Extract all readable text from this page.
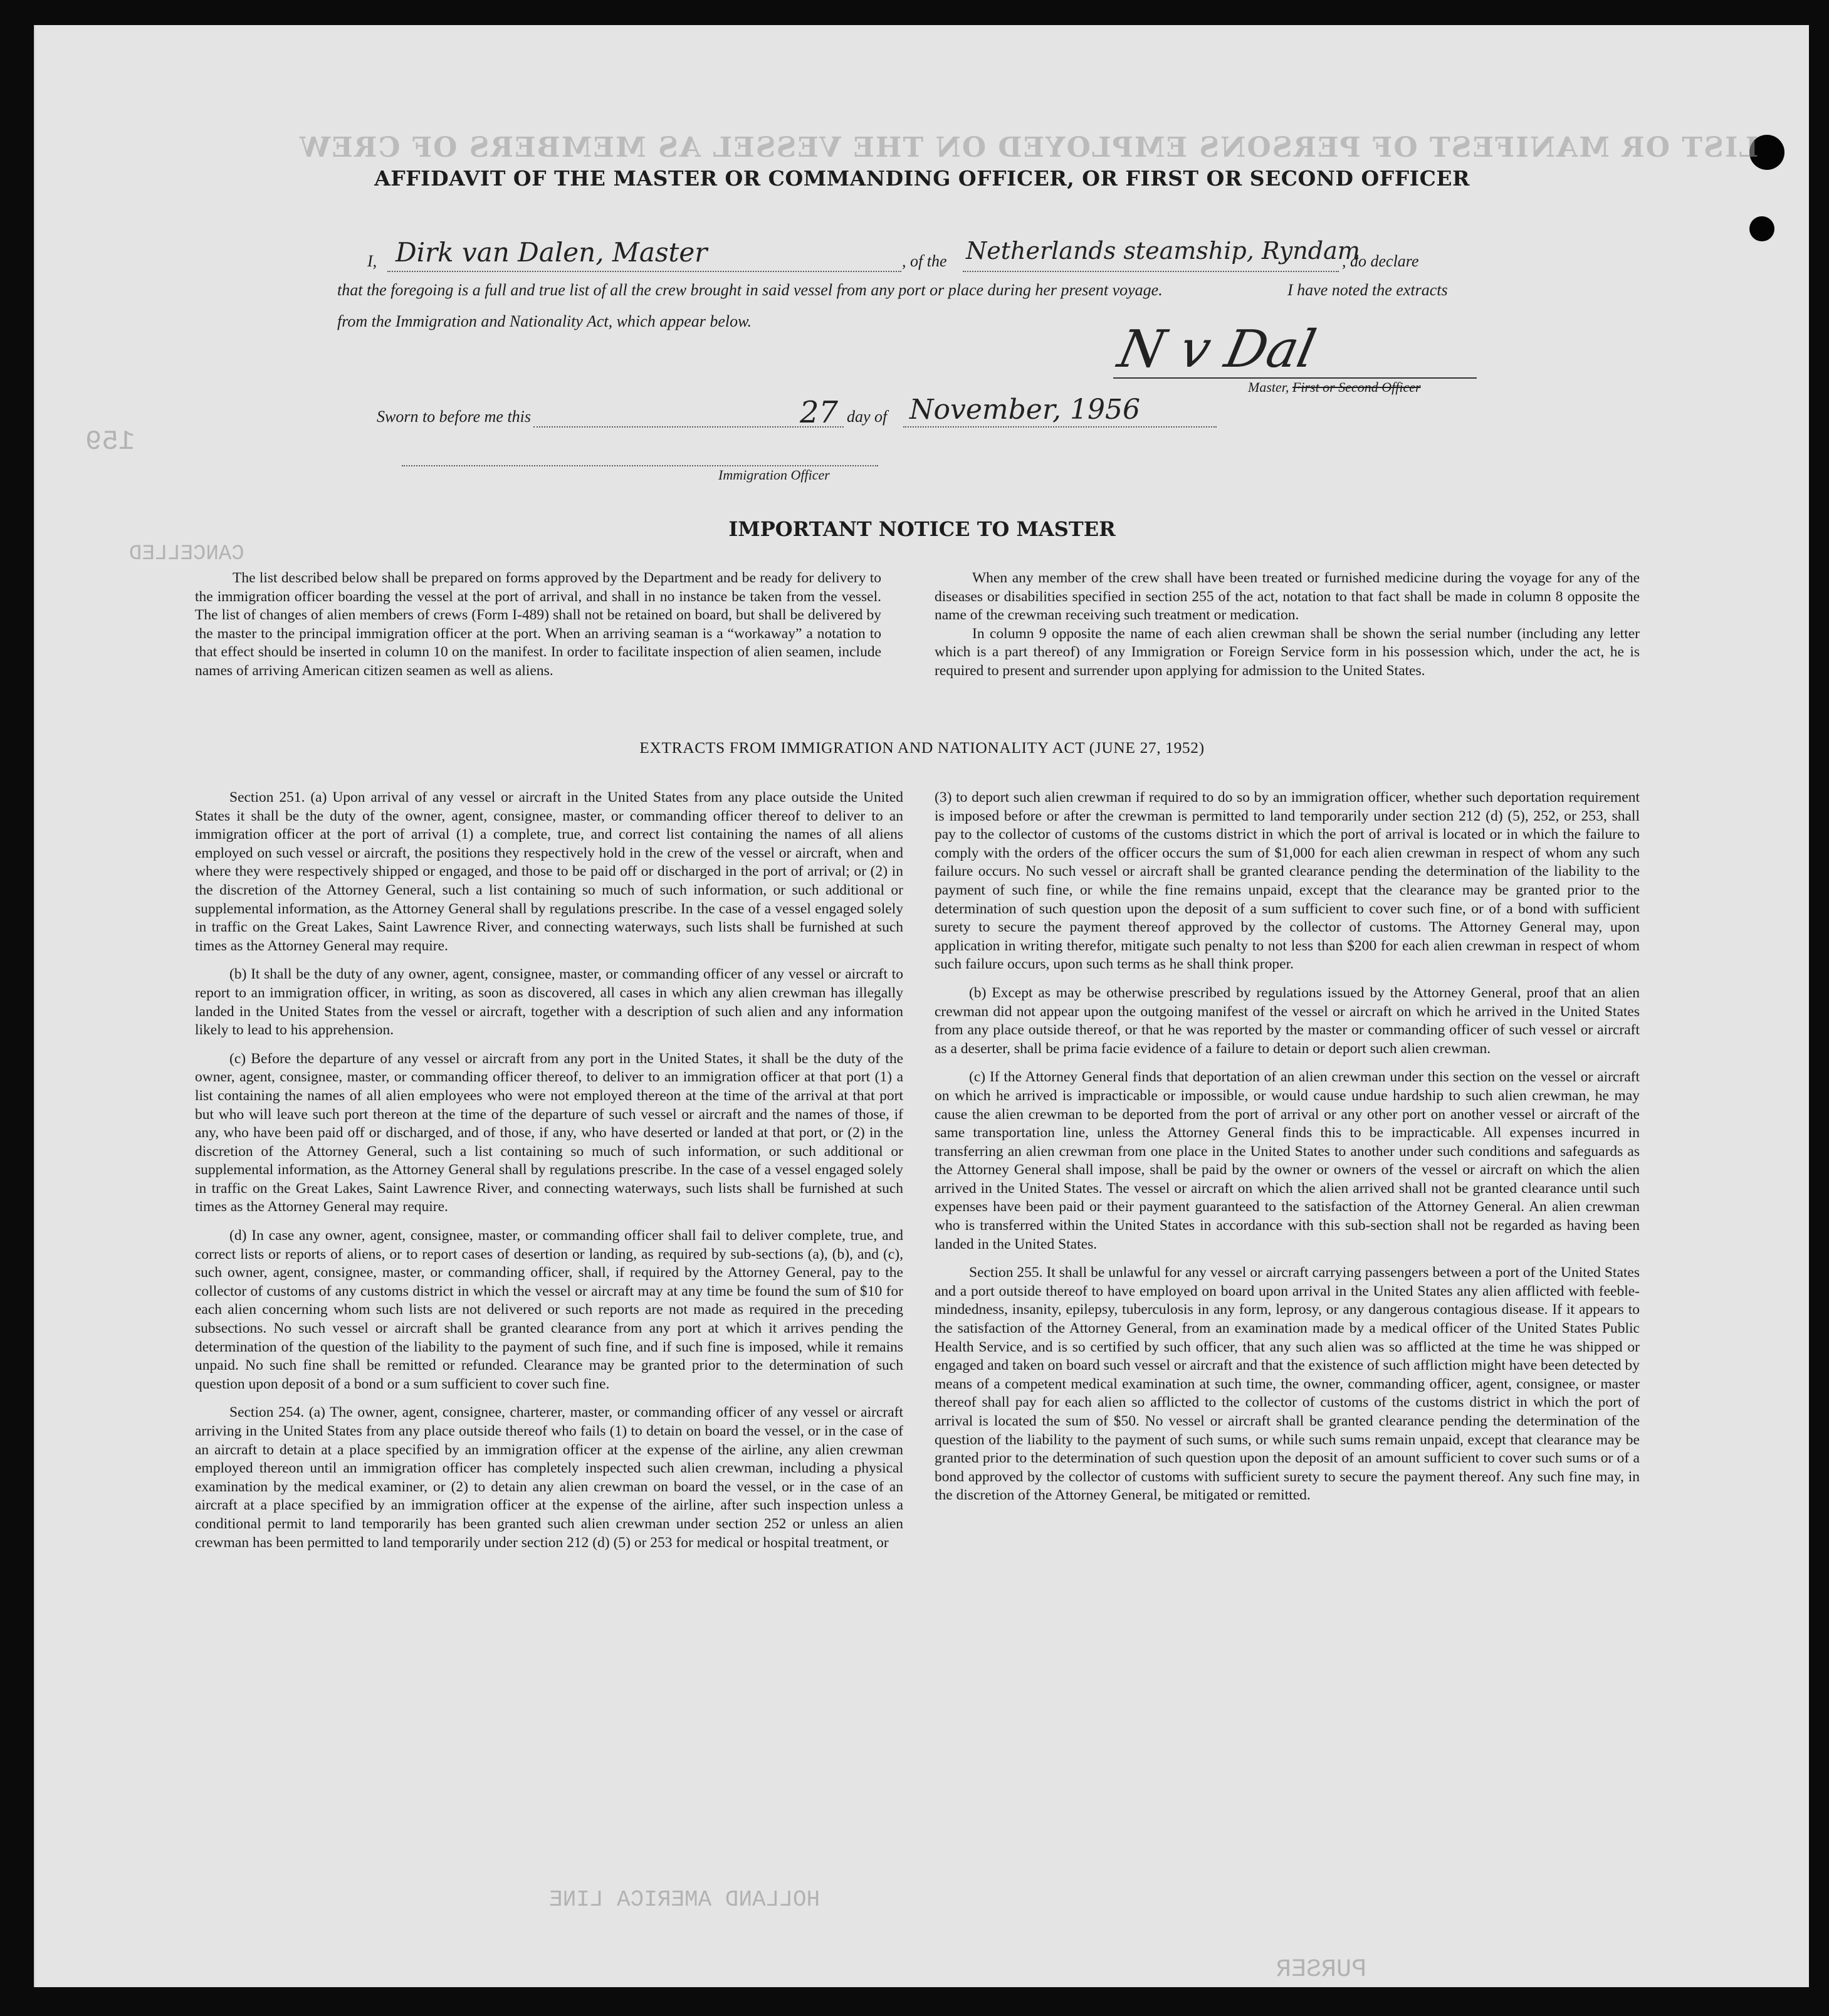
LIST OR MANIFEST OF PERSONS EMPLOYED ON THE VESSEL AS MEMBERS OF CREW
159
CANCELLED
HOLLAND AMERICA LINE
PURSER
AFFIDAVIT OF THE MASTER OR COMMANDING OFFICER, OR FIRST OR SECOND OFFICER
I, Dirk van Dalen, Master	, of the Netherlands steamship, Ryndam
, do declare
that the foregoing is a full and true list of all the crew brought in said vessel from any port or place during her present voyage.	I have noted the extracts
from the Immigration and Nationality Act, which appear below.	N v Dal
Master, First or Second Officer
Sworn to before me this	27 day of November, 1956
Immigration Officer
IMPORTANT NOTICE TO MASTER

The list described below shall be prepared on forms approved by the Department and be ready for delivery to the immigration officer boarding the vessel at the port of arrival, and shall in no instance be taken from the vessel. The list of changes of alien members of crews (Form I-489) shall not be retained on board, but shall be delivered by the master to the principal immigration officer at the port. When an arriving seaman is a “workaway” a notation to that effect should be inserted in column 10 on the manifest. In order to facilitate inspection of alien seamen, include names of arriving American citizen seamen as well as aliens.

When any member of the crew shall have been treated or furnished medicine during the voyage for any of the diseases or disabilities specified in section 255 of the act, notation to that fact shall be made in column 8 opposite the name of the crewman receiving such treatment or medication.

In column 9 opposite the name of each alien crewman shall be shown the serial number (including any letter which is a part thereof) of any Immigration or Foreign Service form in his possession which, under the act, he is required to present and surrender upon applying for admission to the United States.

EXTRACTS FROM IMMIGRATION AND NATIONALITY ACT (JUNE 27, 1952)

Section 251. (a) Upon arrival of any vessel or aircraft in the United States from any place outside the United States it shall be the duty of the owner, agent, consignee, master, or commanding officer thereof to deliver to an immigration officer at the port of arrival (1) a complete, true, and correct list containing the names of all aliens employed on such vessel or aircraft, the positions they respectively hold in the crew of the vessel or aircraft, when and where they were respectively shipped or engaged, and those to be paid off or discharged in the port of arrival; or (2) in the discretion of the Attorney General, such a list containing so much of such information, or such additional or supplemental information, as the Attorney General shall by regulations prescribe. In the case of a vessel engaged solely in traffic on the Great Lakes, Saint Lawrence River, and connecting waterways, such lists shall be furnished at such times as the Attorney General may require.

(b) It shall be the duty of any owner, agent, consignee, master, or commanding officer of any vessel or aircraft to report to an immigration officer, in writing, as soon as discovered, all cases in which any alien crewman has illegally landed in the United States from the vessel or aircraft, together with a description of such alien and any information likely to lead to his apprehension.

(c) Before the departure of any vessel or aircraft from any port in the United States, it shall be the duty of the owner, agent, consignee, master, or commanding officer thereof, to deliver to an immigration officer at that port (1) a list containing the names of all alien employees who were not employed thereon at the time of the arrival at that port but who will leave such port thereon at the time of the departure of such vessel or aircraft and the names of those, if any, who have been paid off or discharged, and of those, if any, who have deserted or landed at that port, or (2) in the discretion of the Attorney General, such a list containing so much of such information, or such additional or supplemental information, as the Attorney General shall by regulations prescribe. In the case of a vessel engaged solely in traffic on the Great Lakes, Saint Lawrence River, and connecting waterways, such lists shall be furnished at such times as the Attorney General may require.

(d) In case any owner, agent, consignee, master, or commanding officer shall fail to deliver complete, true, and correct lists or reports of aliens, or to report cases of desertion or landing, as required by sub-sections (a), (b), and (c), such owner, agent, consignee, master, or commanding officer, shall, if required by the Attorney General, pay to the collector of customs of any customs district in which the vessel or aircraft may at any time be found the sum of $10 for each alien concerning whom such lists are not delivered or such reports are not made as required in the preceding subsections. No such vessel or aircraft shall be granted clearance from any port at which it arrives pending the determination of the question of the liability to the payment of such fine, and if such fine is imposed, while it remains unpaid. No such fine shall be remitted or refunded. Clearance may be granted prior to the determination of such question upon deposit of a bond or a sum sufficient to cover such fine.

Section 254. (a) The owner, agent, consignee, charterer, master, or commanding officer of any vessel or aircraft arriving in the United States from any place outside thereof who fails (1) to detain on board the vessel, or in the case of an aircraft to detain at a place specified by an immigration officer at the expense of the airline, any alien crewman employed thereon until an immigration officer has completely inspected such alien crewman, including a physical examination by the medical examiner, or (2) to detain any alien crewman on board the vessel, or in the case of an aircraft at a place specified by an immigration officer at the expense of the airline, after such inspection unless a conditional permit to land temporarily has been granted such alien crewman under section 252 or unless an alien crewman has been permitted to land temporarily under section 212 (d) (5) or 253 for medical or hospital treatment, or

(3) to deport such alien crewman if required to do so by an immigration officer, whether such deportation requirement is imposed before or after the crewman is permitted to land temporarily under section 212 (d) (5), 252, or 253, shall pay to the collector of customs of the customs district in which the port of arrival is located or in which the failure to comply with the orders of the officer occurs the sum of $1,000 for each alien crewman in respect of whom any such failure occurs. No such vessel or aircraft shall be granted clearance pending the determination of the liability to the payment of such fine, or while the fine remains unpaid, except that the clearance may be granted prior to the determination of such question upon the deposit of a sum sufficient to cover such fine, or of a bond with sufficient surety to secure the payment thereof approved by the collector of customs. The Attorney General may, upon application in writing therefor, mitigate such penalty to not less than $200 for each alien crewman in respect of whom such failure occurs, upon such terms as he shall think proper.

(b) Except as may be otherwise prescribed by regulations issued by the Attorney General, proof that an alien crewman did not appear upon the outgoing manifest of the vessel or aircraft on which he arrived in the United States from any place outside thereof, or that he was reported by the master or commanding officer of such vessel or aircraft as a deserter, shall be prima facie evidence of a failure to detain or deport such alien crewman.

(c) If the Attorney General finds that deportation of an alien crewman under this section on the vessel or aircraft on which he arrived is impracticable or impossible, or would cause undue hardship to such alien crewman, he may cause the alien crewman to be deported from the port of arrival or any other port on another vessel or aircraft of the same transportation line, unless the Attorney General finds this to be impracticable. All expenses incurred in transferring an alien crewman from one place in the United States to another under such conditions and safeguards as the Attorney General shall impose, shall be paid by the owner or owners of the vessel or aircraft on which the alien arrived in the United States. The vessel or aircraft on which the alien arrived shall not be granted clearance until such expenses have been paid or their payment guaranteed to the satisfaction of the Attorney General. An alien crewman who is transferred within the United States in accordance with this sub-section shall not be regarded as having been landed in the United States.

Section 255. It shall be unlawful for any vessel or aircraft carrying passengers between a port of the United States and a port outside thereof to have employed on board upon arrival in the United States any alien afflicted with feeble-mindedness, insanity, epilepsy, tuberculosis in any form, leprosy, or any dangerous contagious disease. If it appears to the satisfaction of the Attorney General, from an examination made by a medical officer of the United States Public Health Service, and is so certified by such officer, that any such alien was so afflicted at the time he was shipped or engaged and taken on board such vessel or aircraft and that the existence of such affliction might have been detected by means of a competent medical examination at such time, the owner, commanding officer, agent, consignee, or master thereof shall pay for each alien so afflicted to the collector of customs of the customs district in which the port of arrival is located the sum of $50. No vessel or aircraft shall be granted clearance pending the determination of the question of the liability to the payment of such sums, or while such sums remain unpaid, except that clearance may be granted prior to the determination of such question upon the deposit of an amount sufficient to cover such sums or of a bond approved by the collector of customs with sufficient surety to secure the payment thereof. Any such fine may, in the discretion of the Attorney General, be mitigated or remitted.
